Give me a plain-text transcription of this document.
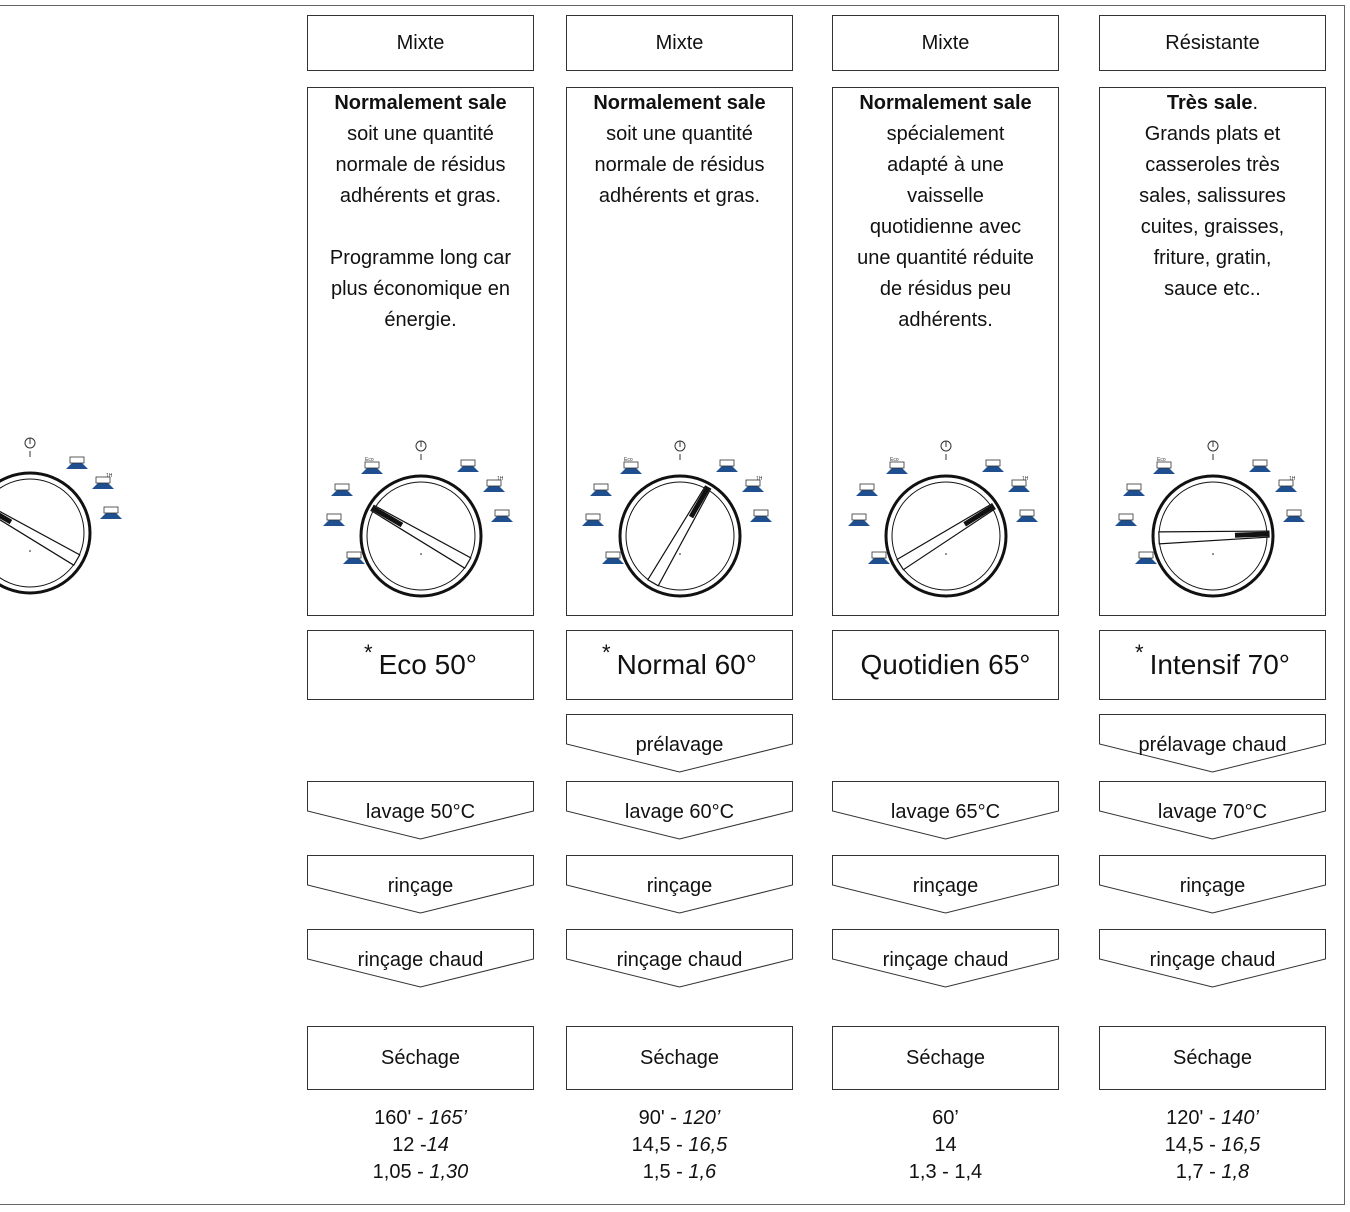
1H
Mixte
Normalement sale
soit une quantité
normale de résidus
adhérents et gras.

Programme long car
plus économique en
énergie.
Eco
1H
* Eco 50°
lavage 50°C
rinçage
rinçage chaud
Séchage
160' - 165’
12 -14
1,05 - 1,30
Mixte
Normalement sale
soit une quantité
normale de résidus
adhérents et gras.
Eco
1H
* Normal 60°
prélavage
lavage 60°C
rinçage
rinçage chaud
Séchage
90' - 120’
14,5 - 16,5
1,5 - 1,6
Mixte
Normalement sale
spécialement
adapté à une
vaisselle
quotidienne avec
une quantité réduite
de résidus peu
adhérents.
Eco
1H
Quotidien 65°
lavage 65°C
rinçage
rinçage chaud
Séchage
60’
14
1,3 - 1,4
Résistante
Très sale.
Grands plats et
casseroles très
sales, salissures
cuites, graisses,
friture, gratin,
sauce etc..
Eco
1H
* Intensif 70°
prélavage chaud
lavage 70°C
rinçage
rinçage chaud
Séchage
120' - 140’
14,5 - 16,5
1,7 - 1,8
